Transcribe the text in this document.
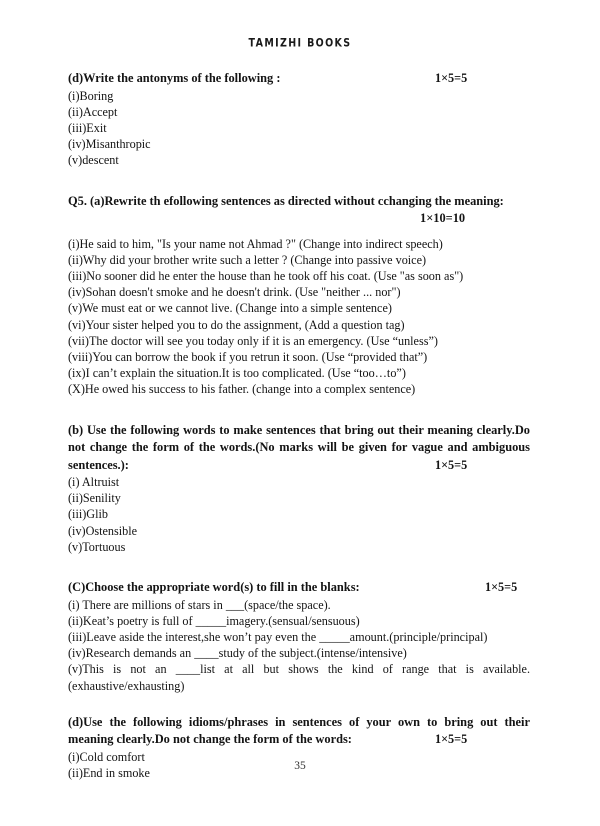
TAMIZHI BOOKS

(d)Write the antonyms of the following :	1×5=5

(i)Boring

(ii)Accept

(iii)Exit

(iv)Misanthropic

(v)descent

Q5. (a)Rewrite th efollowing sentences as directed without cchanging the meaning:

1×10=10

(i)He said to him, "Is your name not Ahmad ?" (Change into indirect speech)

(ii)Why did your brother write such a letter ? (Change into passive voice)

(iii)No sooner did he enter the house than he took off his coat. (Use "as soon as")

(iv)Sohan doesn't smoke and he doesn't drink. (Use "neither ... nor")

(v)We must eat or we cannot live. (Change into a simple sentence)

(vi)Your sister helped you to do the assignment, (Add a question tag)

(vii)The doctor will see you today only if it is an emergency. (Use “unless”)

(viii)You can borrow the book if you retrun it soon. (Use “provided that”)

(ix)I can’t explain the situation.It is too complicated. (Use “too…to”)

(X)He owed his success to his father. (change into a complex sentence)

(b) Use the following words to make sentences that bring out their meaning clearly.Do

not change the form of the words.(No marks will be given for vague and ambiguous

sentences.):	1×5=5

(i) Altruist

(ii)Senility

(iii)Glib

(iv)Ostensible

(v)Tortuous

(C)Choose the appropriate word(s) to fill in the blanks:	1×5=5

(i) There are millions of stars in ___(space/the space).

(ii)Keat’s poetry is full of _____imagery.(sensual/sensuous)

(iii)Leave aside the interest,she won’t pay even the _____amount.(principle/principal)

(iv)Research demands an ____study of the subject.(intense/intensive)

(v)This is not an ____list at all but shows the kind of range that is available.(exhaustive/exhausting)

(d)Use the following idioms/phrases in sentences of your own to bring out their

meaning clearly.Do not change the form of the words:	1×5=5

(i)Cold comfort

(ii)End in smoke	35
